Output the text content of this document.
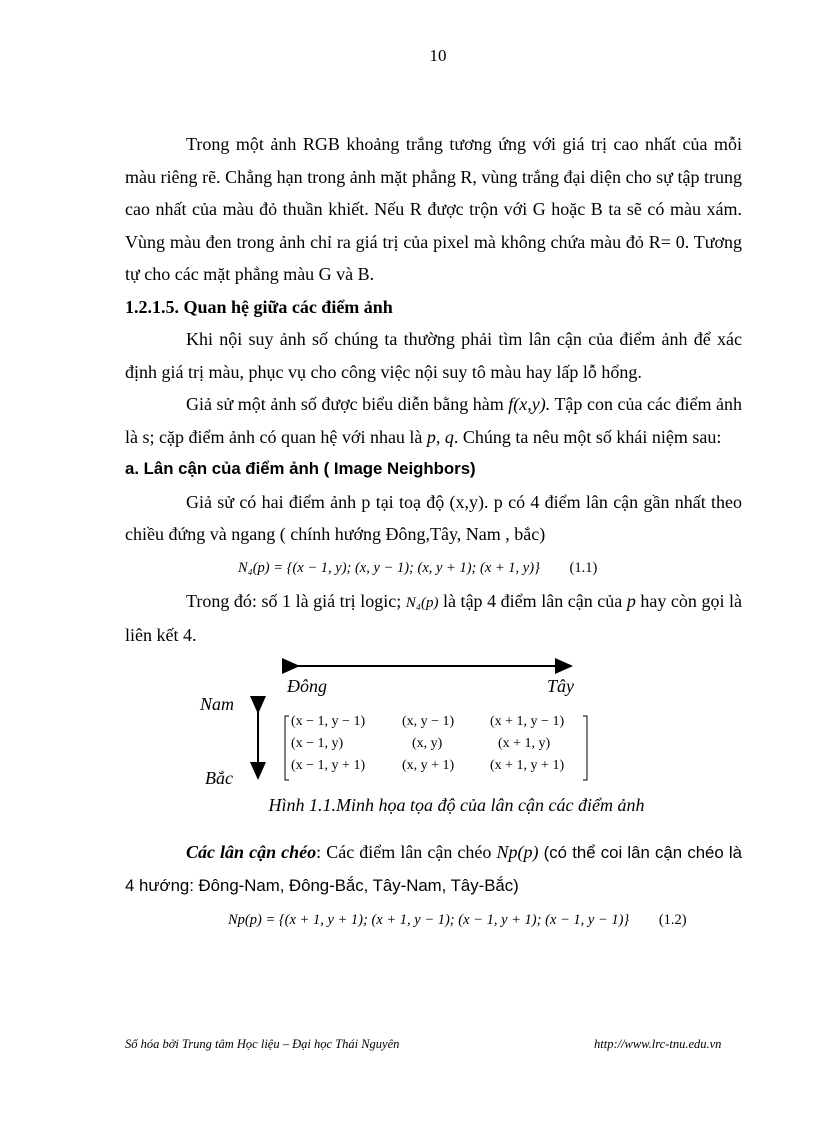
10

Trong một ảnh RGB khoảng trắng tương ứng với giá trị cao nhất của mỗi màu riêng rẽ. Chẳng hạn trong ảnh mặt phẳng R, vùng trắng đại diện cho sự tập trung cao nhất của màu đỏ thuần khiết. Nếu R được trộn với G hoặc B ta sẽ có màu xám. Vùng màu đen trong ảnh chỉ ra giá trị của pixel mà không chứa màu đỏ R= 0. Tương tự cho các mặt phẳng màu G và B.

1.2.1.5. Quan hệ giữa các điểm ảnh

Khi nội suy ảnh số chúng ta thường phải tìm lân cận của điểm ảnh để xác định giá trị màu, phục vụ cho công việc nội suy tô màu hay lấp lỗ hổng.

Giả sử một ảnh số được biểu diễn bằng hàm f(x,y). Tập con của các điểm ảnh là s; cặp điểm ảnh có quan hệ với nhau là p, q. Chúng ta nêu một số khái niệm sau:

a. Lân cận của điểm ảnh ( Image Neighbors)

Giả sử có hai điểm ảnh p tại toạ độ (x,y). p có 4 điểm lân cận gần nhất theo chiều đứng và ngang ( chính hướng Đông,Tây, Nam , bắc)

N₄(p) = {(x − 1, y); (x, y − 1); (x, y + 1); (x + 1, y)} (1.1)

Trong đó: số 1 là giá trị logic; N₄(p) là tập 4 điểm lân cận của p hay còn gọi là liên kết 4.

Đông	Tây
Nam
Bắc
(x − 1, y − 1)	(x, y − 1)	(x + 1, y − 1)
(x − 1, y)	(x, y)	(x + 1, y)
(x − 1, y + 1)	(x, y + 1)	(x + 1, y + 1)

Hình 1.1.Minh họa tọa độ của lân cận các điểm ảnh

Các lân cận chéo: Các điểm lân cận chéo Np(p) (có thể coi lân cận chéo là 4 hướng: Đông-Nam, Đông-Bắc, Tây-Nam, Tây-Bắc)

Np(p) = {(x + 1, y + 1); (x + 1, y − 1); (x − 1, y + 1); (x − 1, y − 1)} (1.2)
Số hóa bởi Trung tâm Học liệu – Đại học Thái Nguyên	http://www.lrc-tnu.edu.vn
